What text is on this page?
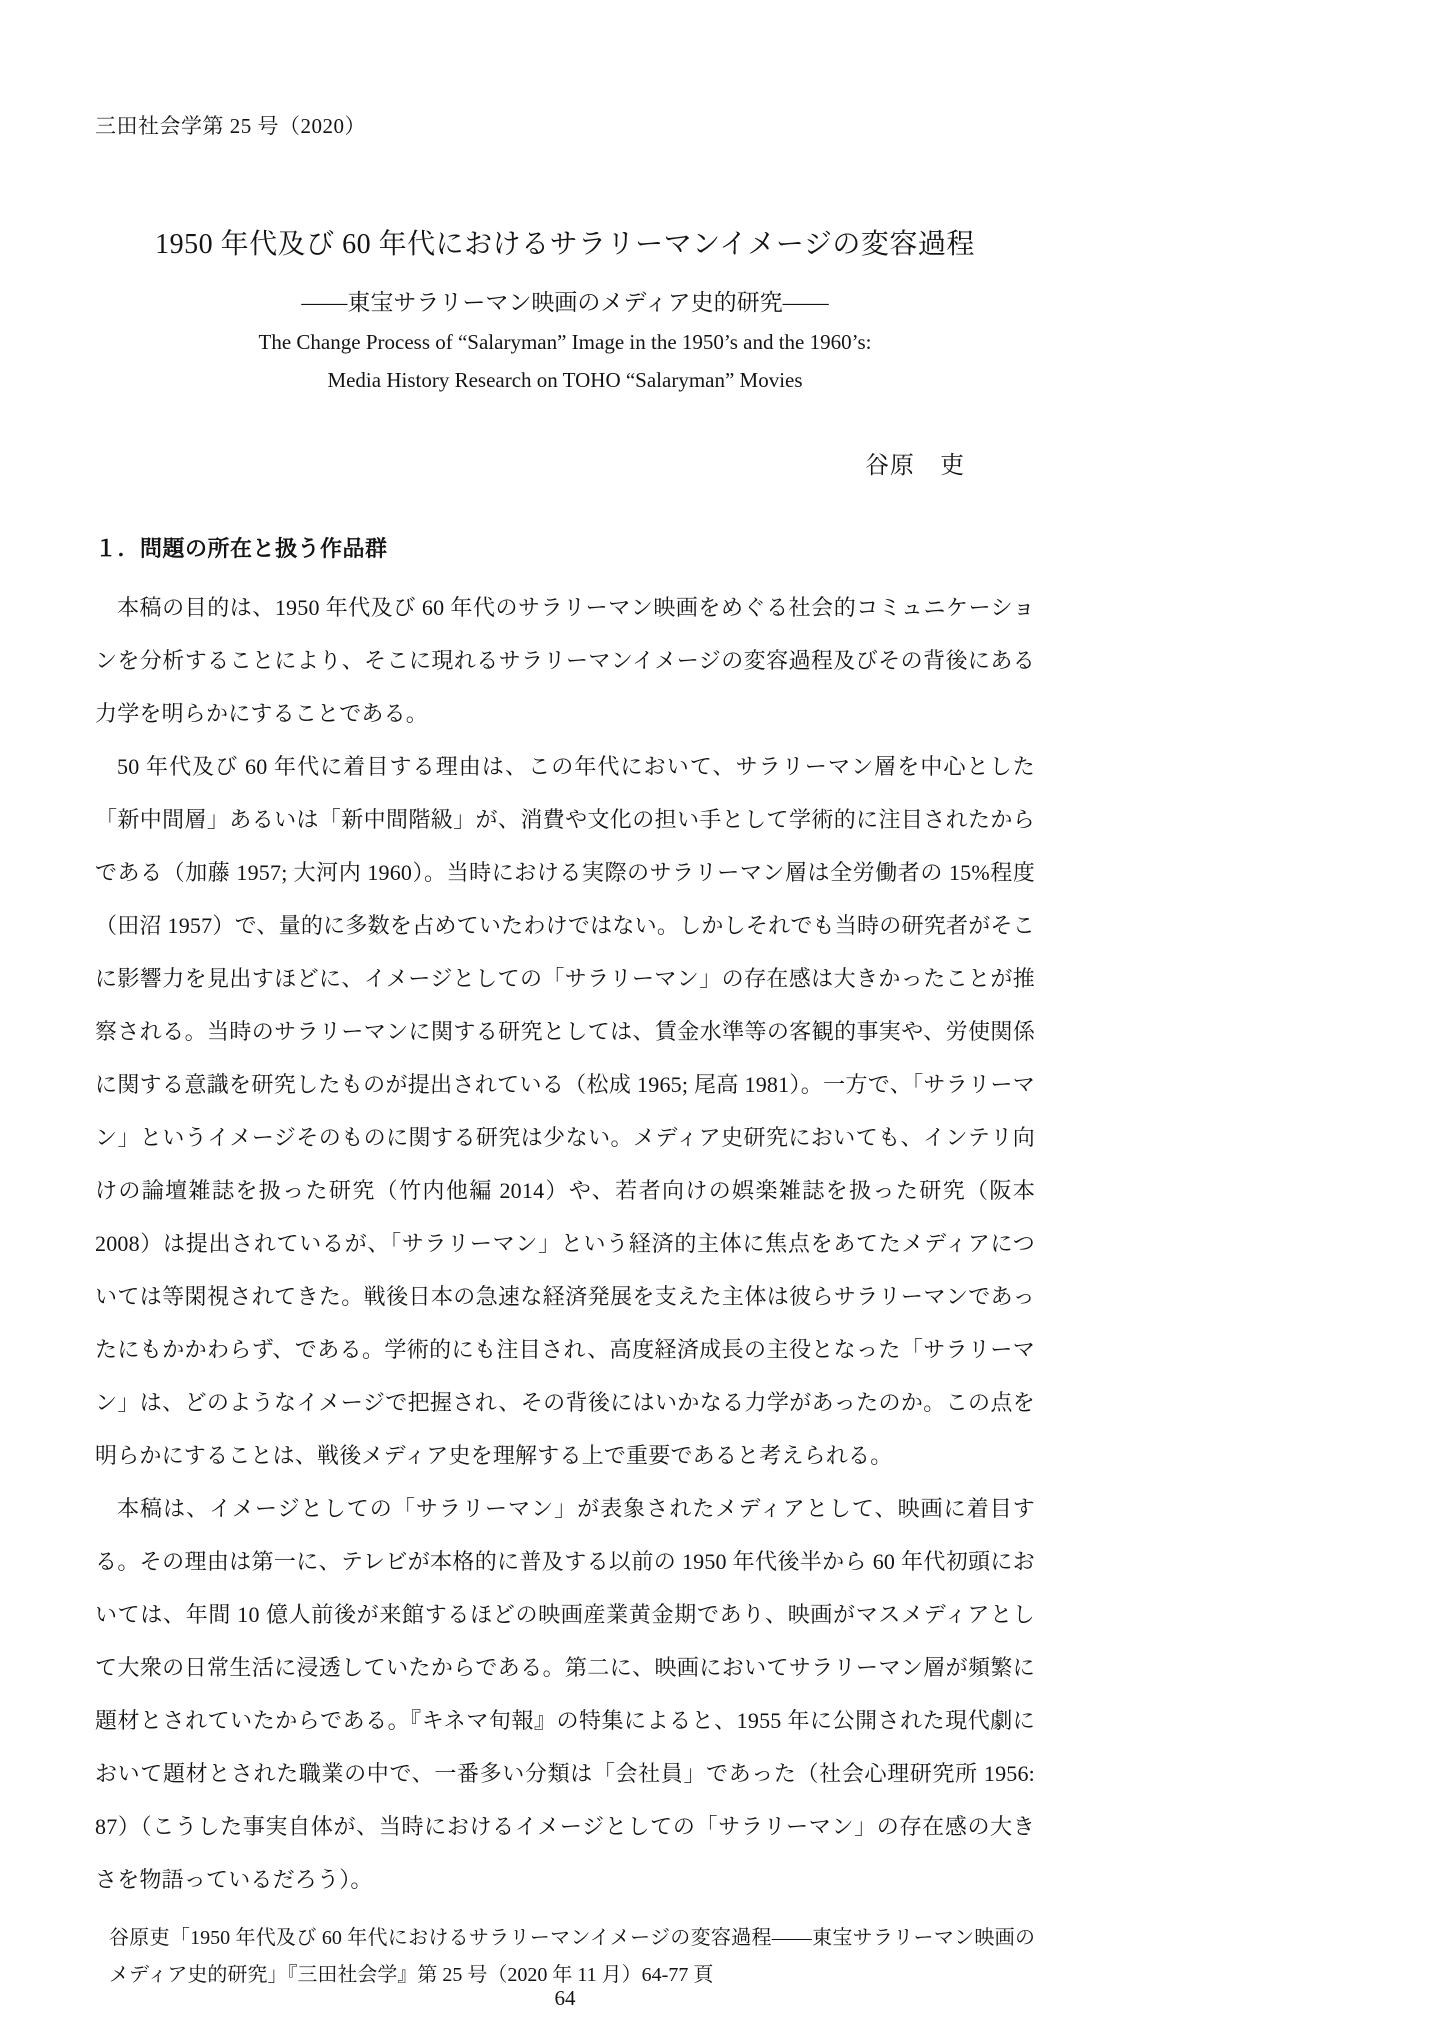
三田社会学第 25 号（2020）
1950 年代及び 60 年代におけるサラリーマンイメージの変容過程
——東宝サラリーマン映画のメディア史的研究——
The Change Process of “Salaryman” Image in the 1950’s and the 1960’s:
Media History Research on TOHO “Salaryman” Movies
谷原　吏
１．問題の所在と扱う作品群

本稿の目的は、1950 年代及び 60 年代のサラリーマン映画をめぐる社会的コミュニケーションを分析することにより、そこに現れるサラリーマンイメージの変容過程及びその背後にある力学を明らかにすることである。

50 年代及び 60 年代に着目する理由は、この年代において、サラリーマン層を中心とした「新中間層」あるいは「新中間階級」が、消費や文化の担い手として学術的に注目されたからである（加藤 1957; 大河内 1960）。当時における実際のサラリーマン層は全労働者の 15%程度（田沼 1957）で、量的に多数を占めていたわけではない。しかしそれでも当時の研究者がそこに影響力を見出すほどに、イメージとしての「サラリーマン」の存在感は大きかったことが推察される。当時のサラリーマンに関する研究としては、賃金水準等の客観的事実や、労使関係に関する意識を研究したものが提出されている（松成 1965; 尾高 1981）。一方で、「サラリーマン」というイメージそのものに関する研究は少ない。メディア史研究においても、インテリ向けの論壇雑誌を扱った研究（竹内他編 2014）や、若者向けの娯楽雑誌を扱った研究（阪本 2008）は提出されているが、「サラリーマン」という経済的主体に焦点をあてたメディアについては等閑視されてきた。戦後日本の急速な経済発展を支えた主体は彼らサラリーマンであったにもかかわらず、である。学術的にも注目され、高度経済成長の主役となった「サラリーマン」は、どのようなイメージで把握され、その背後にはいかなる力学があったのか。この点を明らかにすることは、戦後メディア史を理解する上で重要であると考えられる。

本稿は、イメージとしての「サラリーマン」が表象されたメディアとして、映画に着目する。その理由は第一に、テレビが本格的に普及する以前の 1950 年代後半から 60 年代初頭においては、年間 10 億人前後が来館するほどの映画産業黄金期であり、映画がマスメディアとして大衆の日常生活に浸透していたからである。第二に、映画においてサラリーマン層が頻繁に題材とされていたからである。『キネマ旬報』の特集によると、1955 年に公開された現代劇において題材とされた職業の中で、一番多い分類は「会社員」であった（社会心理研究所 1956: 87）（こうした事実自体が、当時におけるイメージとしての「サラリーマン」の存在感の大きさを物語っているだろう）。

谷原吏「1950 年代及び 60 年代におけるサラリーマンイメージの変容過程——東宝サラリーマン映画のメディア史的研究」『三田社会学』第 25 号（2020 年 11 月）64-77 頁
64
